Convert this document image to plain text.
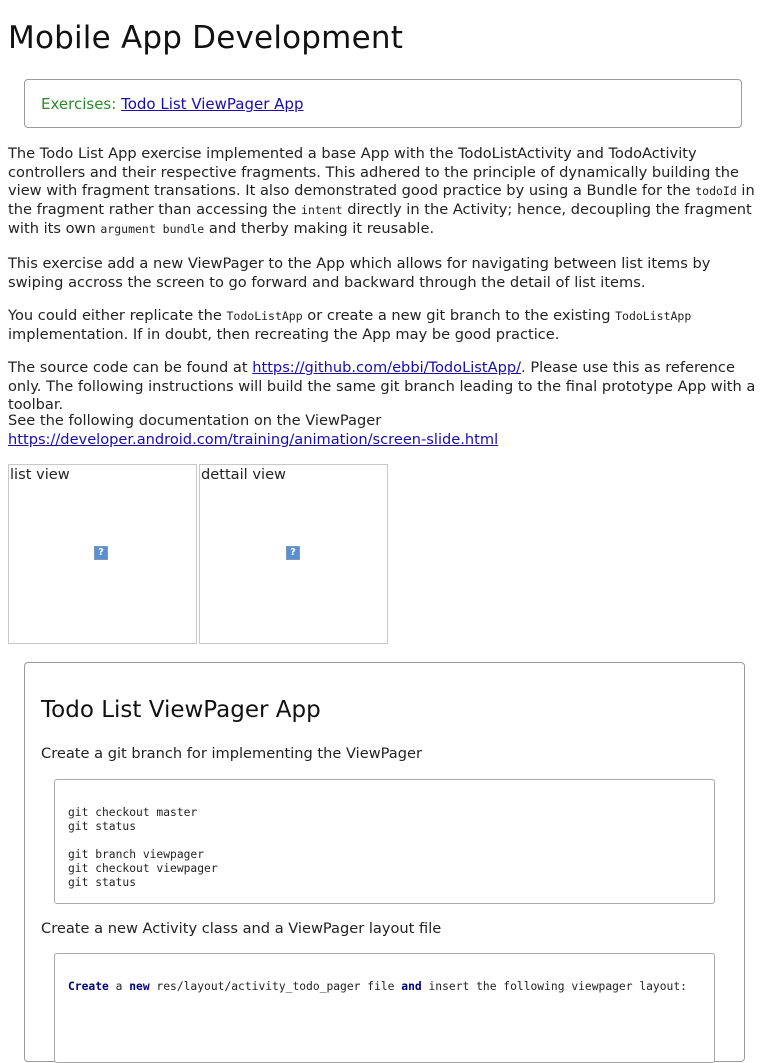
Mobile App Development
Exercises: Todo List ViewPager App

The Todo List App exercise implemented a base App with the TodoListActivity and TodoActivity controllers and their respective fragments. This adhered to the principle of dynamically building the view with fragment transations. It also demonstrated good practice by using a Bundle for the todoId in the fragment rather than accessing the intent directly in the Activity; hence, decoupling the fragment with its own argument bundle and therby making it reusable.

This exercise add a new ViewPager to the App which allows for navigating between list items by swiping accross the screen to go forward and backward through the detail of list items.

You could either replicate the TodoListApp or create a new git branch to the existing TodoListApp implementation. If in doubt, then recreating the App may be good practice.

The source code can be found at https://github.com/ebbi/TodoListApp/. Please use this as reference only. The following instructions will build the same git branch leading to the final prototype App with a toolbar.

See the following documentation on the ViewPager
https://developer.android.com/training/animation/screen-slide.html

list view
?
dettail view
?
Todo List ViewPager App

Create a git branch for implementing the ViewPager

git checkout master
git status

git branch viewpager
git checkout viewpager
git status

Create a new Activity class and a ViewPager layout file

Create a new res/layout/activity_todo_pager file and insert the following viewpager layout:
